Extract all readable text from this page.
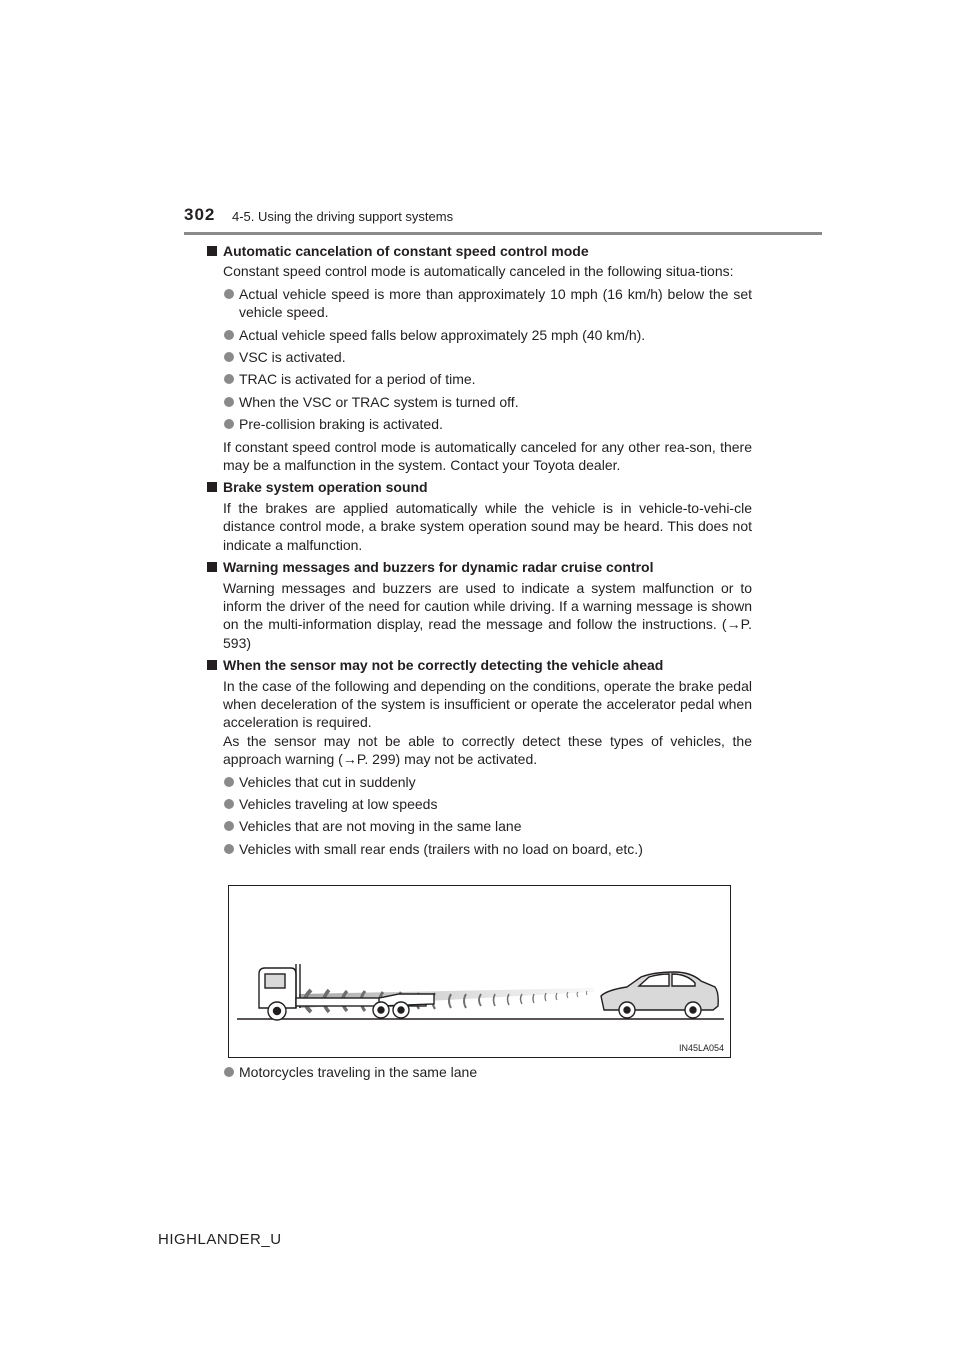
302 4-5. Using the driving support systems
Automatic cancelation of constant speed control mode

Constant speed control mode is automatically canceled in the following situa-tions:

Actual vehicle speed is more than approximately 10 mph (16 km/h) below the set vehicle speed.
Actual vehicle speed falls below approximately 25 mph (40 km/h).
VSC is activated.
TRAC is activated for a period of time.
When the VSC or TRAC system is turned off.
Pre-collision braking is activated.

If constant speed control mode is automatically canceled for any other rea-son, there may be a malfunction in the system. Contact your Toyota dealer.

Brake system operation sound

If the brakes are applied automatically while the vehicle is in vehicle-to-vehi-cle distance control mode, a brake system operation sound may be heard. This does not indicate a malfunction.

Warning messages and buzzers for dynamic radar cruise control

Warning messages and buzzers are used to indicate a system malfunction or to inform the driver of the need for caution while driving. If a warning message is shown on the multi-information display, read the message and follow the instructions. (→P. 593)

When the sensor may not be correctly detecting the vehicle ahead

In the case of the following and depending on the conditions, operate the brake pedal when deceleration of the system is insufficient or operate the accelerator pedal when acceleration is required.

As the sensor may not be able to correctly detect these types of vehicles, the approach warning (→P. 299) may not be activated.

Vehicles that cut in suddenly
Vehicles traveling at low speeds
Vehicles that are not moving in the same lane
Vehicles with small rear ends (trailers with no load on board, etc.)
IN45LA054
Motorcycles traveling in the same lane
HIGHLANDER_U
